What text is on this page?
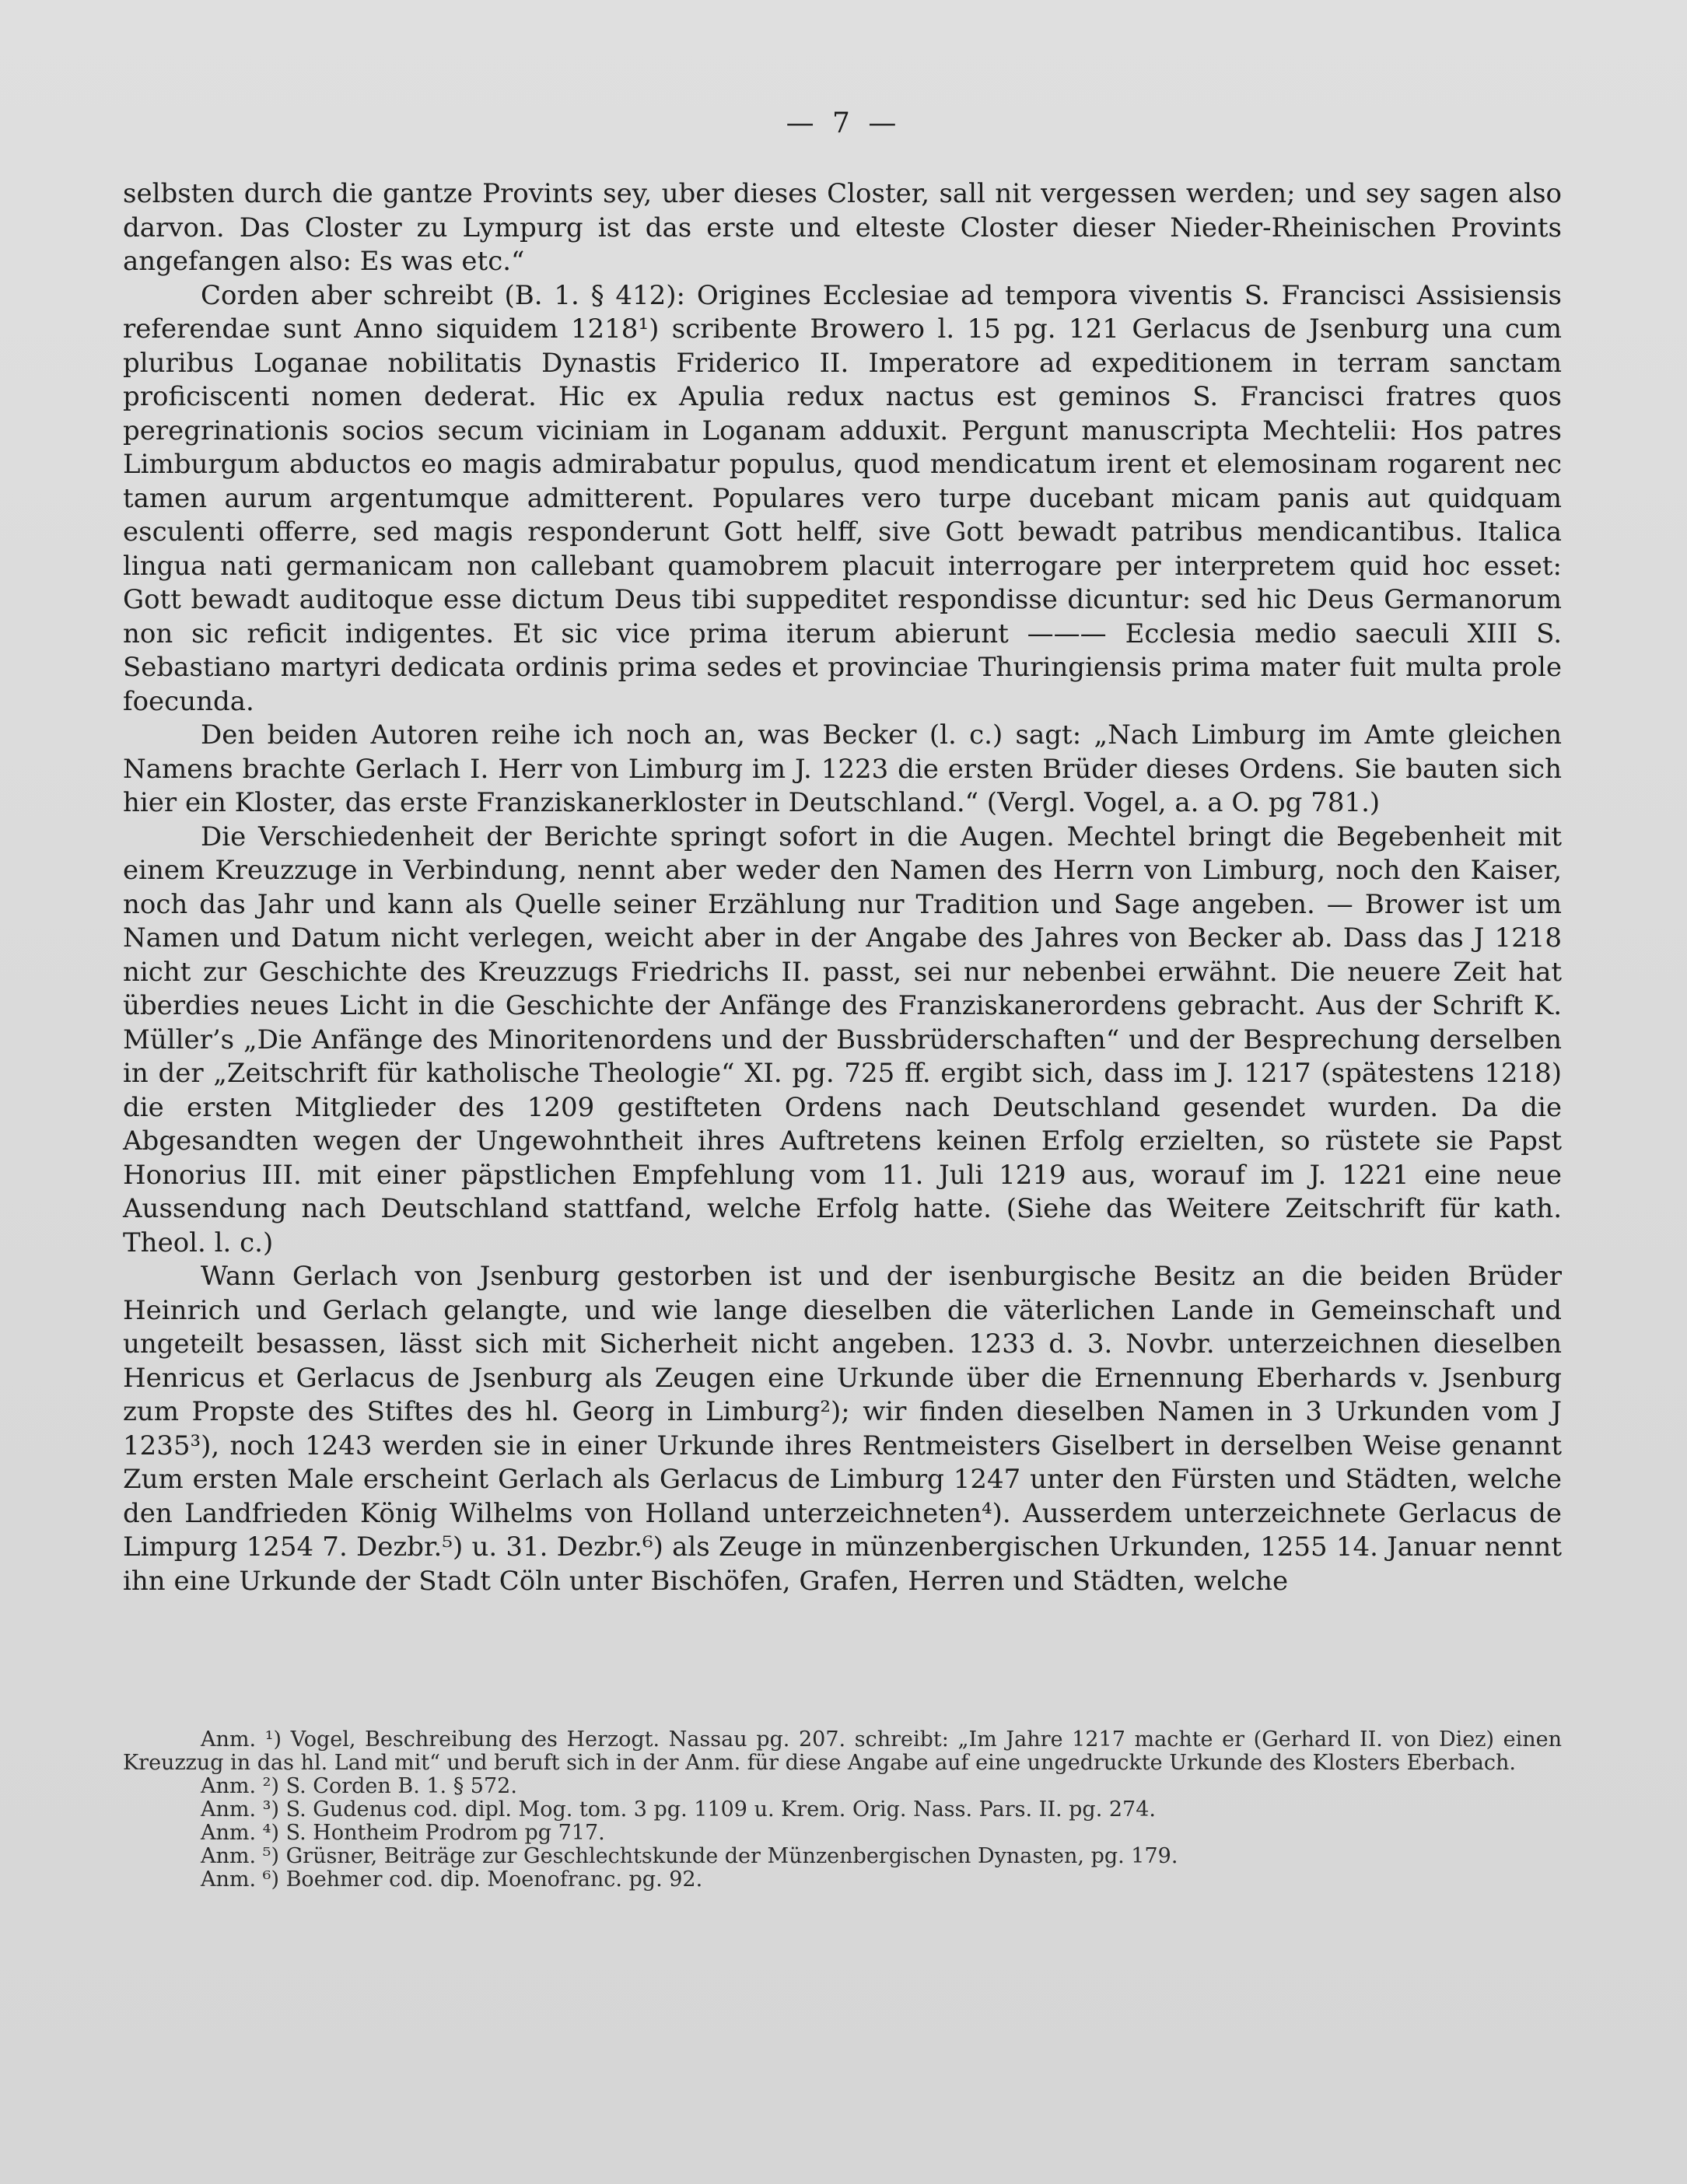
— 7 —

selbsten durch die gantze Provints sey, uber dieses Closter, sall nit vergessen werden; und sey sagen also darvon. Das Closter zu Lympurg ist das erste und elteste Closter dieser Nieder-Rheinischen Provints angefangen also: Es was etc.“

Corden aber schreibt (B. 1. § 412): Origines Ecclesiae ad tempora viventis S. Francisci Assisiensis referendae sunt Anno siquidem 1218¹) scribente Browero l. 15 pg. 121 Gerlacus de Jsenburg una cum pluribus Loganae nobilitatis Dynastis Friderico II. Imperatore ad expeditionem in terram sanctam proficiscenti nomen dederat. Hic ex Apulia redux nactus est geminos S. Francisci fratres quos peregrinationis socios secum viciniam in Loganam adduxit. Pergunt manuscripta Mechtelii: Hos patres Limburgum abductos eo magis admirabatur populus, quod mendicatum irent et elemosinam rogarent nec tamen aurum argentumque admitterent. Populares vero turpe ducebant micam panis aut quidquam esculenti offerre, sed magis responderunt Gott helff, sive Gott bewadt patribus mendicantibus. Italica lingua nati germanicam non callebant quamobrem placuit interrogare per interpretem quid hoc esset: Gott bewadt auditoque esse dictum Deus tibi suppeditet respondisse dicuntur: sed hic Deus Germanorum non sic reficit indigentes. Et sic vice prima iterum abierunt ——— Ecclesia medio saeculi XIII S. Sebastiano martyri dedicata ordinis prima sedes et provinciae Thuringiensis prima mater fuit multa prole foecunda.

Den beiden Autoren reihe ich noch an, was Becker (l. c.) sagt: „Nach Limburg im Amte gleichen Namens brachte Gerlach I. Herr von Limburg im J. 1223 die ersten Brüder dieses Ordens. Sie bauten sich hier ein Kloster, das erste Franziskanerkloster in Deutschland.“ (Vergl. Vogel, a. a O. pg 781.)

Die Verschiedenheit der Berichte springt sofort in die Augen. Mechtel bringt die Begebenheit mit einem Kreuzzuge in Verbindung, nennt aber weder den Namen des Herrn von Limburg, noch den Kaiser, noch das Jahr und kann als Quelle seiner Erzählung nur Tradition und Sage angeben. — Brower ist um Namen und Datum nicht verlegen, weicht aber in der Angabe des Jahres von Becker ab. Dass das J 1218 nicht zur Geschichte des Kreuzzugs Friedrichs II. passt, sei nur nebenbei erwähnt. Die neuere Zeit hat überdies neues Licht in die Geschichte der Anfänge des Franziskanerordens gebracht. Aus der Schrift K. Müller’s „Die Anfänge des Minoritenordens und der Bussbrüderschaften“ und der Besprechung derselben in der „Zeitschrift für katholische Theologie“ XI. pg. 725 ff. ergibt sich, dass im J. 1217 (spätestens 1218) die ersten Mitglieder des 1209 gestifteten Ordens nach Deutschland gesendet wurden. Da die Abgesandten wegen der Ungewohntheit ihres Auftretens keinen Erfolg erzielten, so rüstete sie Papst Honorius III. mit einer päpstlichen Empfehlung vom 11. Juli 1219 aus, worauf im J. 1221 eine neue Aussendung nach Deutschland stattfand, welche Erfolg hatte. (Siehe das Weitere Zeitschrift für kath. Theol. l. c.)

Wann Gerlach von Jsenburg gestorben ist und der isenburgische Besitz an die beiden Brüder Heinrich und Gerlach gelangte, und wie lange dieselben die väterlichen Lande in Gemeinschaft und ungeteilt besassen, lässt sich mit Sicherheit nicht angeben. 1233 d. 3. Novbr. unterzeichnen dieselben Henricus et Gerlacus de Jsenburg als Zeugen eine Urkunde über die Ernennung Eberhards v. Jsenburg zum Propste des Stiftes des hl. Georg in Limburg²); wir finden dieselben Namen in 3 Urkunden vom J 1235³), noch 1243 werden sie in einer Urkunde ihres Rentmeisters Giselbert in derselben Weise genannt Zum ersten Male erscheint Gerlach als Gerlacus de Limburg 1247 unter den Fürsten und Städten, welche den Landfrieden König Wilhelms von Holland unterzeichneten⁴). Ausserdem unterzeichnete Gerlacus de Limpurg 1254 7. Dezbr.⁵) u. 31. Dezbr.⁶) als Zeuge in münzenbergischen Urkunden, 1255 14. Januar nennt ihn eine Urkunde der Stadt Cöln unter Bischöfen, Grafen, Herren und Städten, welche

Anm. ¹) Vogel, Beschreibung des Herzogt. Nassau pg. 207. schreibt: „Im Jahre 1217 machte er (Gerhard II. von Diez) einen Kreuzzug in das hl. Land mit“ und beruft sich in der Anm. für diese Angabe auf eine ungedruckte Urkunde des Klosters Eberbach.

Anm. ²) S. Corden B. 1. § 572.

Anm. ³) S. Gudenus cod. dipl. Mog. tom. 3 pg. 1109 u. Krem. Orig. Nass. Pars. II. pg. 274.

Anm. ⁴) S. Hontheim Prodrom pg 717.

Anm. ⁵) Grüsner, Beiträge zur Geschlechtskunde der Münzenbergischen Dynasten, pg. 179.

Anm. ⁶) Boehmer cod. dip. Moenofranc. pg. 92.
